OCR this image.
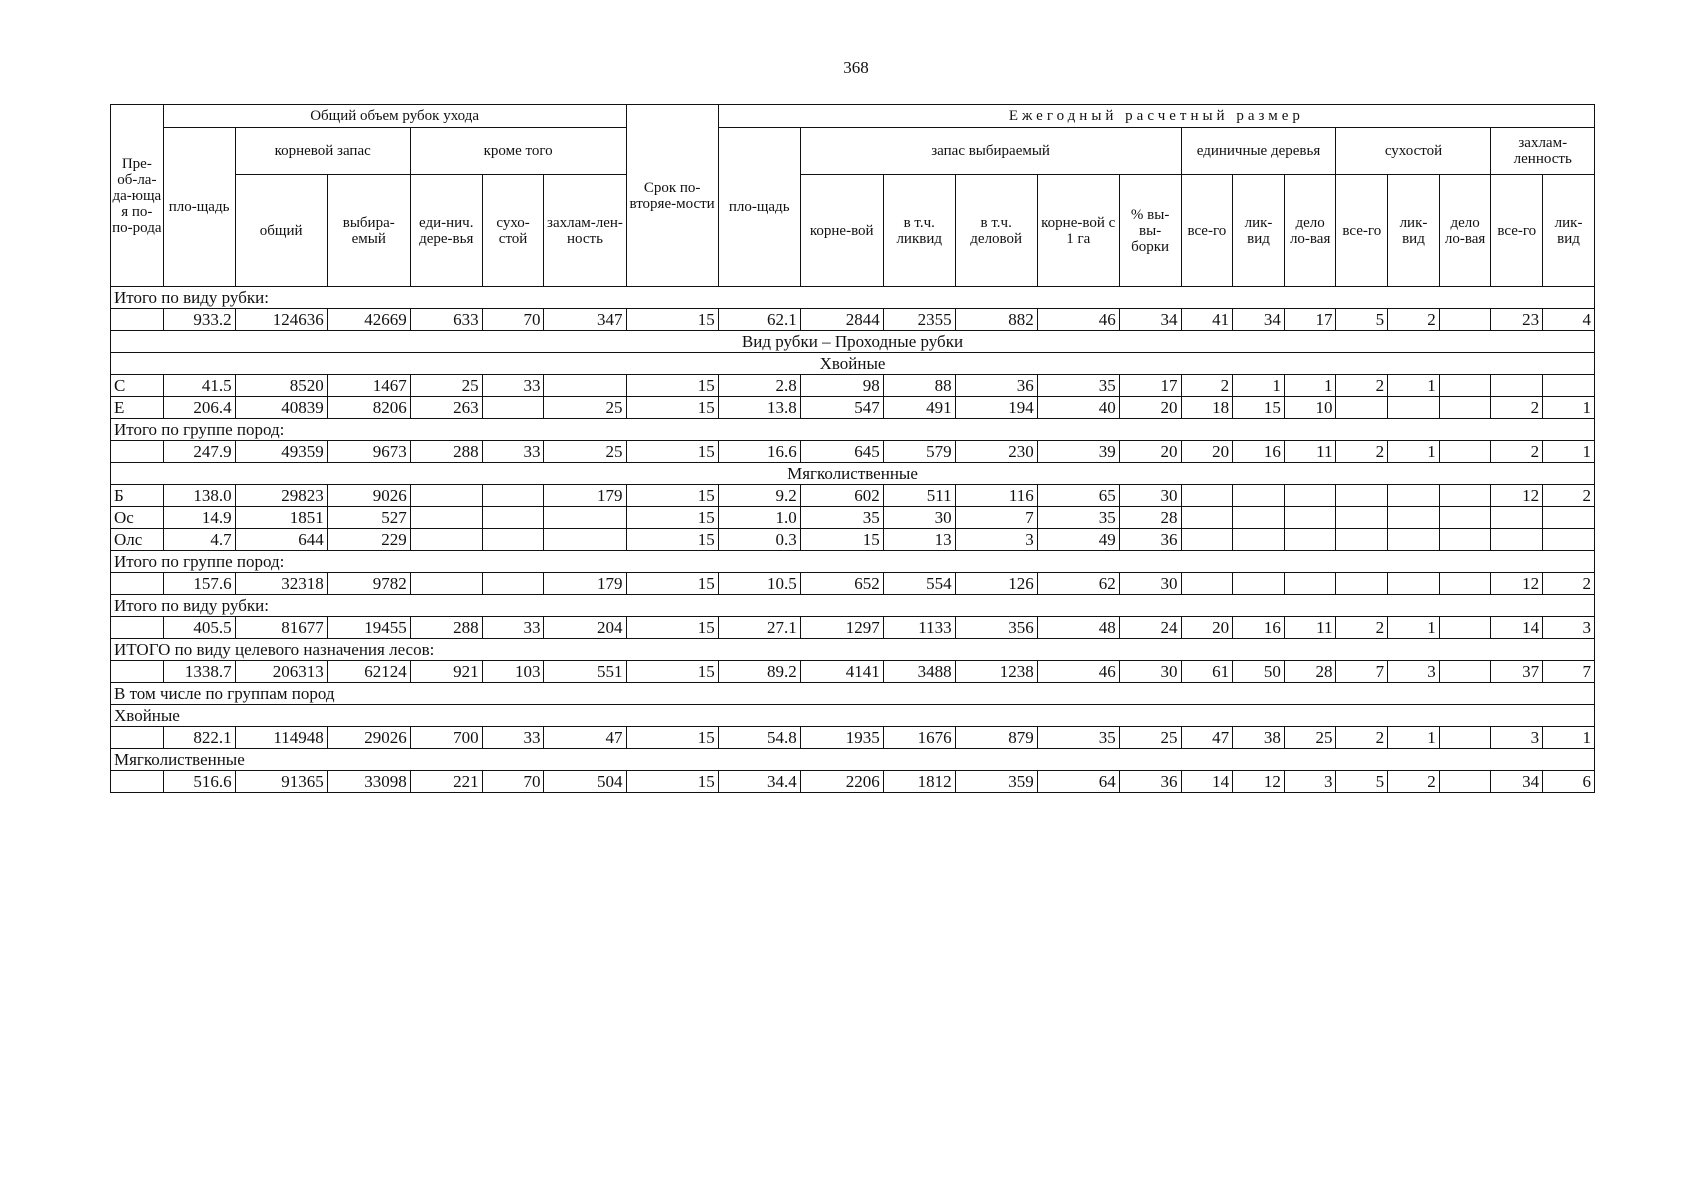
368
Пре-об-ла-да-юща я по-по-рода	Общий объем рубок ухода						Срок по-вторяе-мости	Ежегодный расчетный размер													
	пло-щадь	корневой запас		кроме того				пло-щадь	запас выбираемый					единичные деревья			сухостой			захлам-ленность	
		общий	выбира-емый	еди-нич. дере-вья	сухо-стой	захлам-лен-ность			корне-вой	в т.ч. ликвид	в т.ч. деловой	корне-вой с 1 га	% вы-вы-борки	все-го	лик-вид	дело ло-вая	все-го	лик-вид	дело ло-вая	все-го	лик-вид
Итого по виду рубки:																					
	933.2	124636	42669	633	70	347	15	62.1	2844	2355	882	46	34	41	34	17	5	2		23	4
Вид рубки – Проходные рубки																					
Хвойные																					
С	41.5	8520	1467	25	33		15	2.8	98	88	36	35	17	2	1	1	2	1			
Е	206.4	40839	8206	263		25	15	13.8	547	491	194	40	20	18	15	10				2	1
Итого по группе пород:																					
	247.9	49359	9673	288	33	25	15	16.6	645	579	230	39	20	20	16	11	2	1		2	1
Мягколиственные																					
Б	138.0	29823	9026			179	15	9.2	602	511	116	65	30							12	2
Ос	14.9	1851	527				15	1.0	35	30	7	35	28								
Олс	4.7	644	229				15	0.3	15	13	3	49	36								
Итого по группе пород:																					
	157.6	32318	9782			179	15	10.5	652	554	126	62	30							12	2
Итого по виду рубки:																					
	405.5	81677	19455	288	33	204	15	27.1	1297	1133	356	48	24	20	16	11	2	1		14	3
ИТОГО по виду целевого назначения лесов:																					
	1338.7	206313	62124	921	103	551	15	89.2	4141	3488	1238	46	30	61	50	28	7	3		37	7
В том числе по группам пород																					
Хвойные																					
	822.1	114948	29026	700	33	47	15	54.8	1935	1676	879	35	25	47	38	25	2	1		3	1
Мягколиственные																					
	516.6	91365	33098	221	70	504	15	34.4	2206	1812	359	64	36	14	12	3	5	2		34	6
